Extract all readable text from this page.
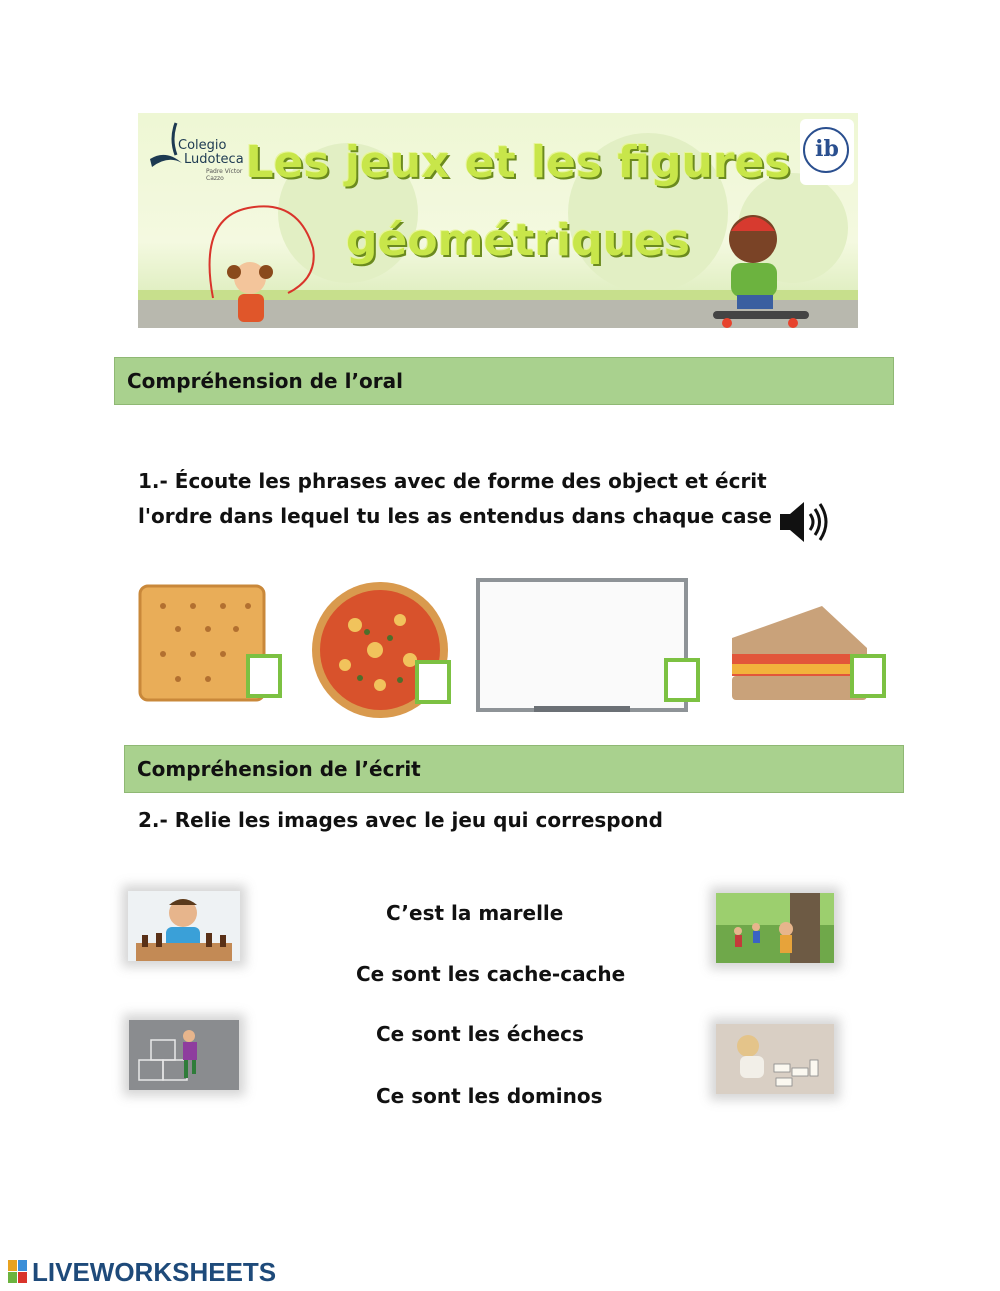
Colegio
Ludoteca
Padre Víctor Cazzo Les jeux et les figures
géométriques
ib
Compréhension de l’oral
1.- Écoute les phrases avec de forme des object et écrit
l'ordre dans lequel tu les as entendus dans chaque case
Compréhension de l’écrit
2.- Relie les images avec le jeu qui correspond
C’est la marelle
Ce sont les cache-cache
Ce sont les échecs
Ce sont les dominos
LIVEWORKSHEETS
